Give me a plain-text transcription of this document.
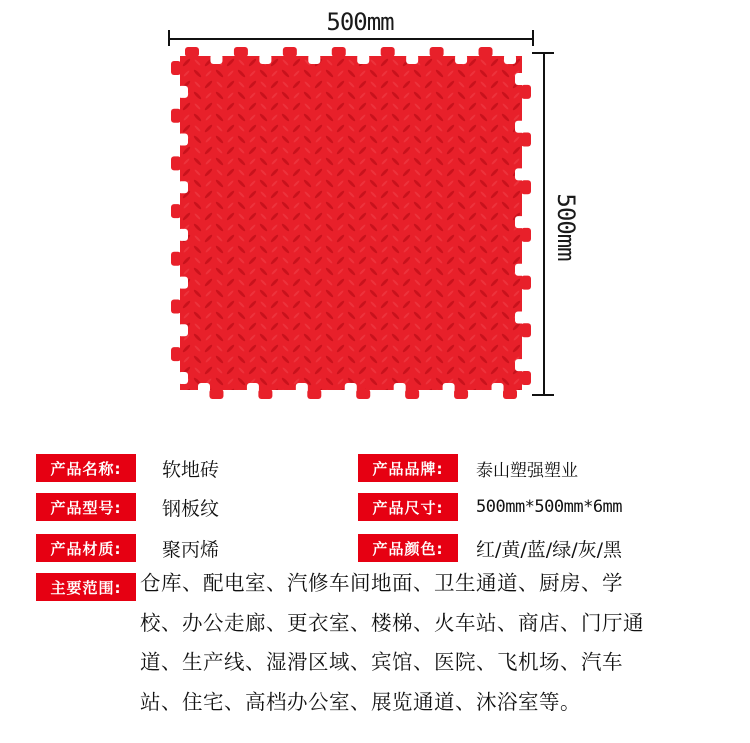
500mm
500mm
产品名称:	软地砖	产品品牌:	泰山塑强塑业
产品型号:	钢板纹	产品尺寸:	500mm*500mm*6mm
产品材质:	聚丙烯	产品颜色:	红/黄/蓝/绿/灰/黑
主要范围: 仓库、配电室、汽修车间地面、卫生通道、厨房、学
校、办公走廊、更衣室、楼梯、火车站、商店、门厅通
道、生产线、湿滑区域、宾馆、医院、飞机场、汽车
站、住宅、高档办公室、展览通道、沐浴室等。
